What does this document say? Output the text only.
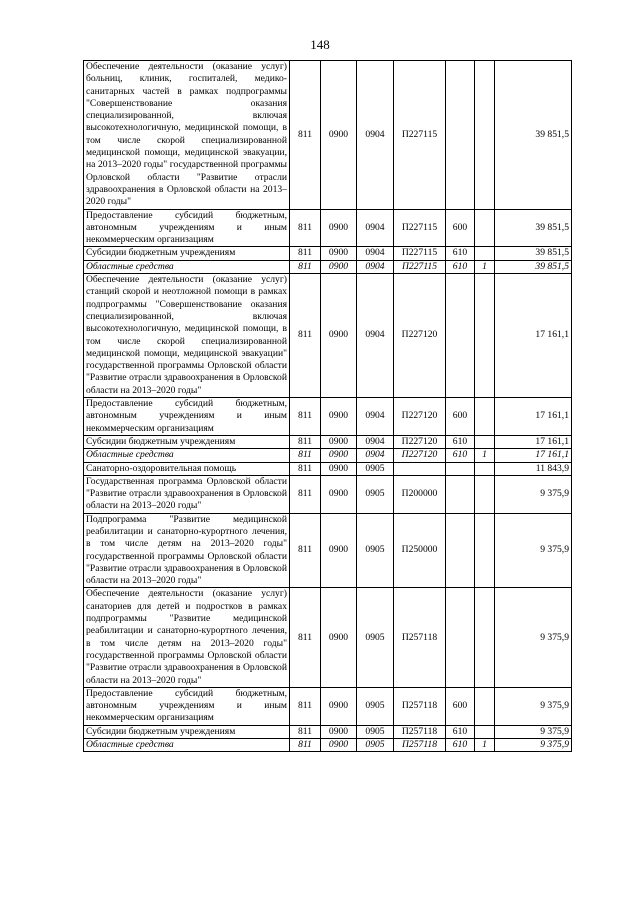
148
Обеспечение деятельности (оказание услуг) больниц, клиник, госпиталей, медико-санитарных частей в рамках подпрограммы "Совершенствование оказания специализированной, включая высокотехнологичную, медицинской помощи, в том числе скорой специализированной медицинской помощи, медицинской эвакуации, на 2013–2020 годы" государственной программы Орловской области "Развитие отрасли здравоохранения в Орловской области на 2013–2020 годы"	811	0900	0904	П227115			39 851,5
Предоставление субсидий бюджетным, автономным учреждениям и иным некоммерческим организациям	811	0900	0904	П227115	600		39 851,5
Субсидии бюджетным учреждениям	811	0900	0904	П227115	610		39 851,5
Областные средства	811	0900	0904	П227115	610	1	39 851,5
Обеспечение деятельности (оказание услуг) станций скорой и неотложной помощи в рамках подпрограммы "Совершенствование оказания специализированной, включая высокотехнологичную, медицинской помощи, в том числе скорой специализированной медицинской помощи, медицинской эвакуации" государственной программы Орловской области "Развитие отрасли здравоохранения в Орловской области на 2013–2020 годы"	811	0900	0904	П227120			17 161,1
Предоставление субсидий бюджетным, автономным учреждениям и иным некоммерческим организациям	811	0900	0904	П227120	600		17 161,1
Субсидии бюджетным учреждениям	811	0900	0904	П227120	610		17 161,1
Областные средства	811	0900	0904	П227120	610	1	17 161,1
Санаторно-оздоровительная помощь	811	0900	0905				11 843,9
Государственная программа Орловской области "Развитие отрасли здравоохранения в Орловской области на 2013–2020 годы"	811	0900	0905	П200000			9 375,9
Подпрограмма "Развитие медицинской реабилитации и санаторно-курортного лечения, в том числе детям на 2013–2020 годы" государственной программы Орловской области "Развитие отрасли здравоохранения в Орловской области на 2013–2020 годы"	811	0900	0905	П250000			9 375,9
Обеспечение деятельности (оказание услуг) санаториев для детей и подростков в рамках подпрограммы "Развитие медицинской реабилитации и санаторно-курортного лечения, в том числе детям на 2013–2020 годы" государственной программы Орловской области "Развитие отрасли здравоохранения в Орловской области на 2013–2020 годы"	811	0900	0905	П257118			9 375,9
Предоставление субсидий бюджетным, автономным учреждениям и иным некоммерческим организациям	811	0900	0905	П257118	600		9 375,9
Субсидии бюджетным учреждениям	811	0900	0905	П257118	610		9 375,9
Областные средства	811	0900	0905	П257118	610	1	9 375,9
